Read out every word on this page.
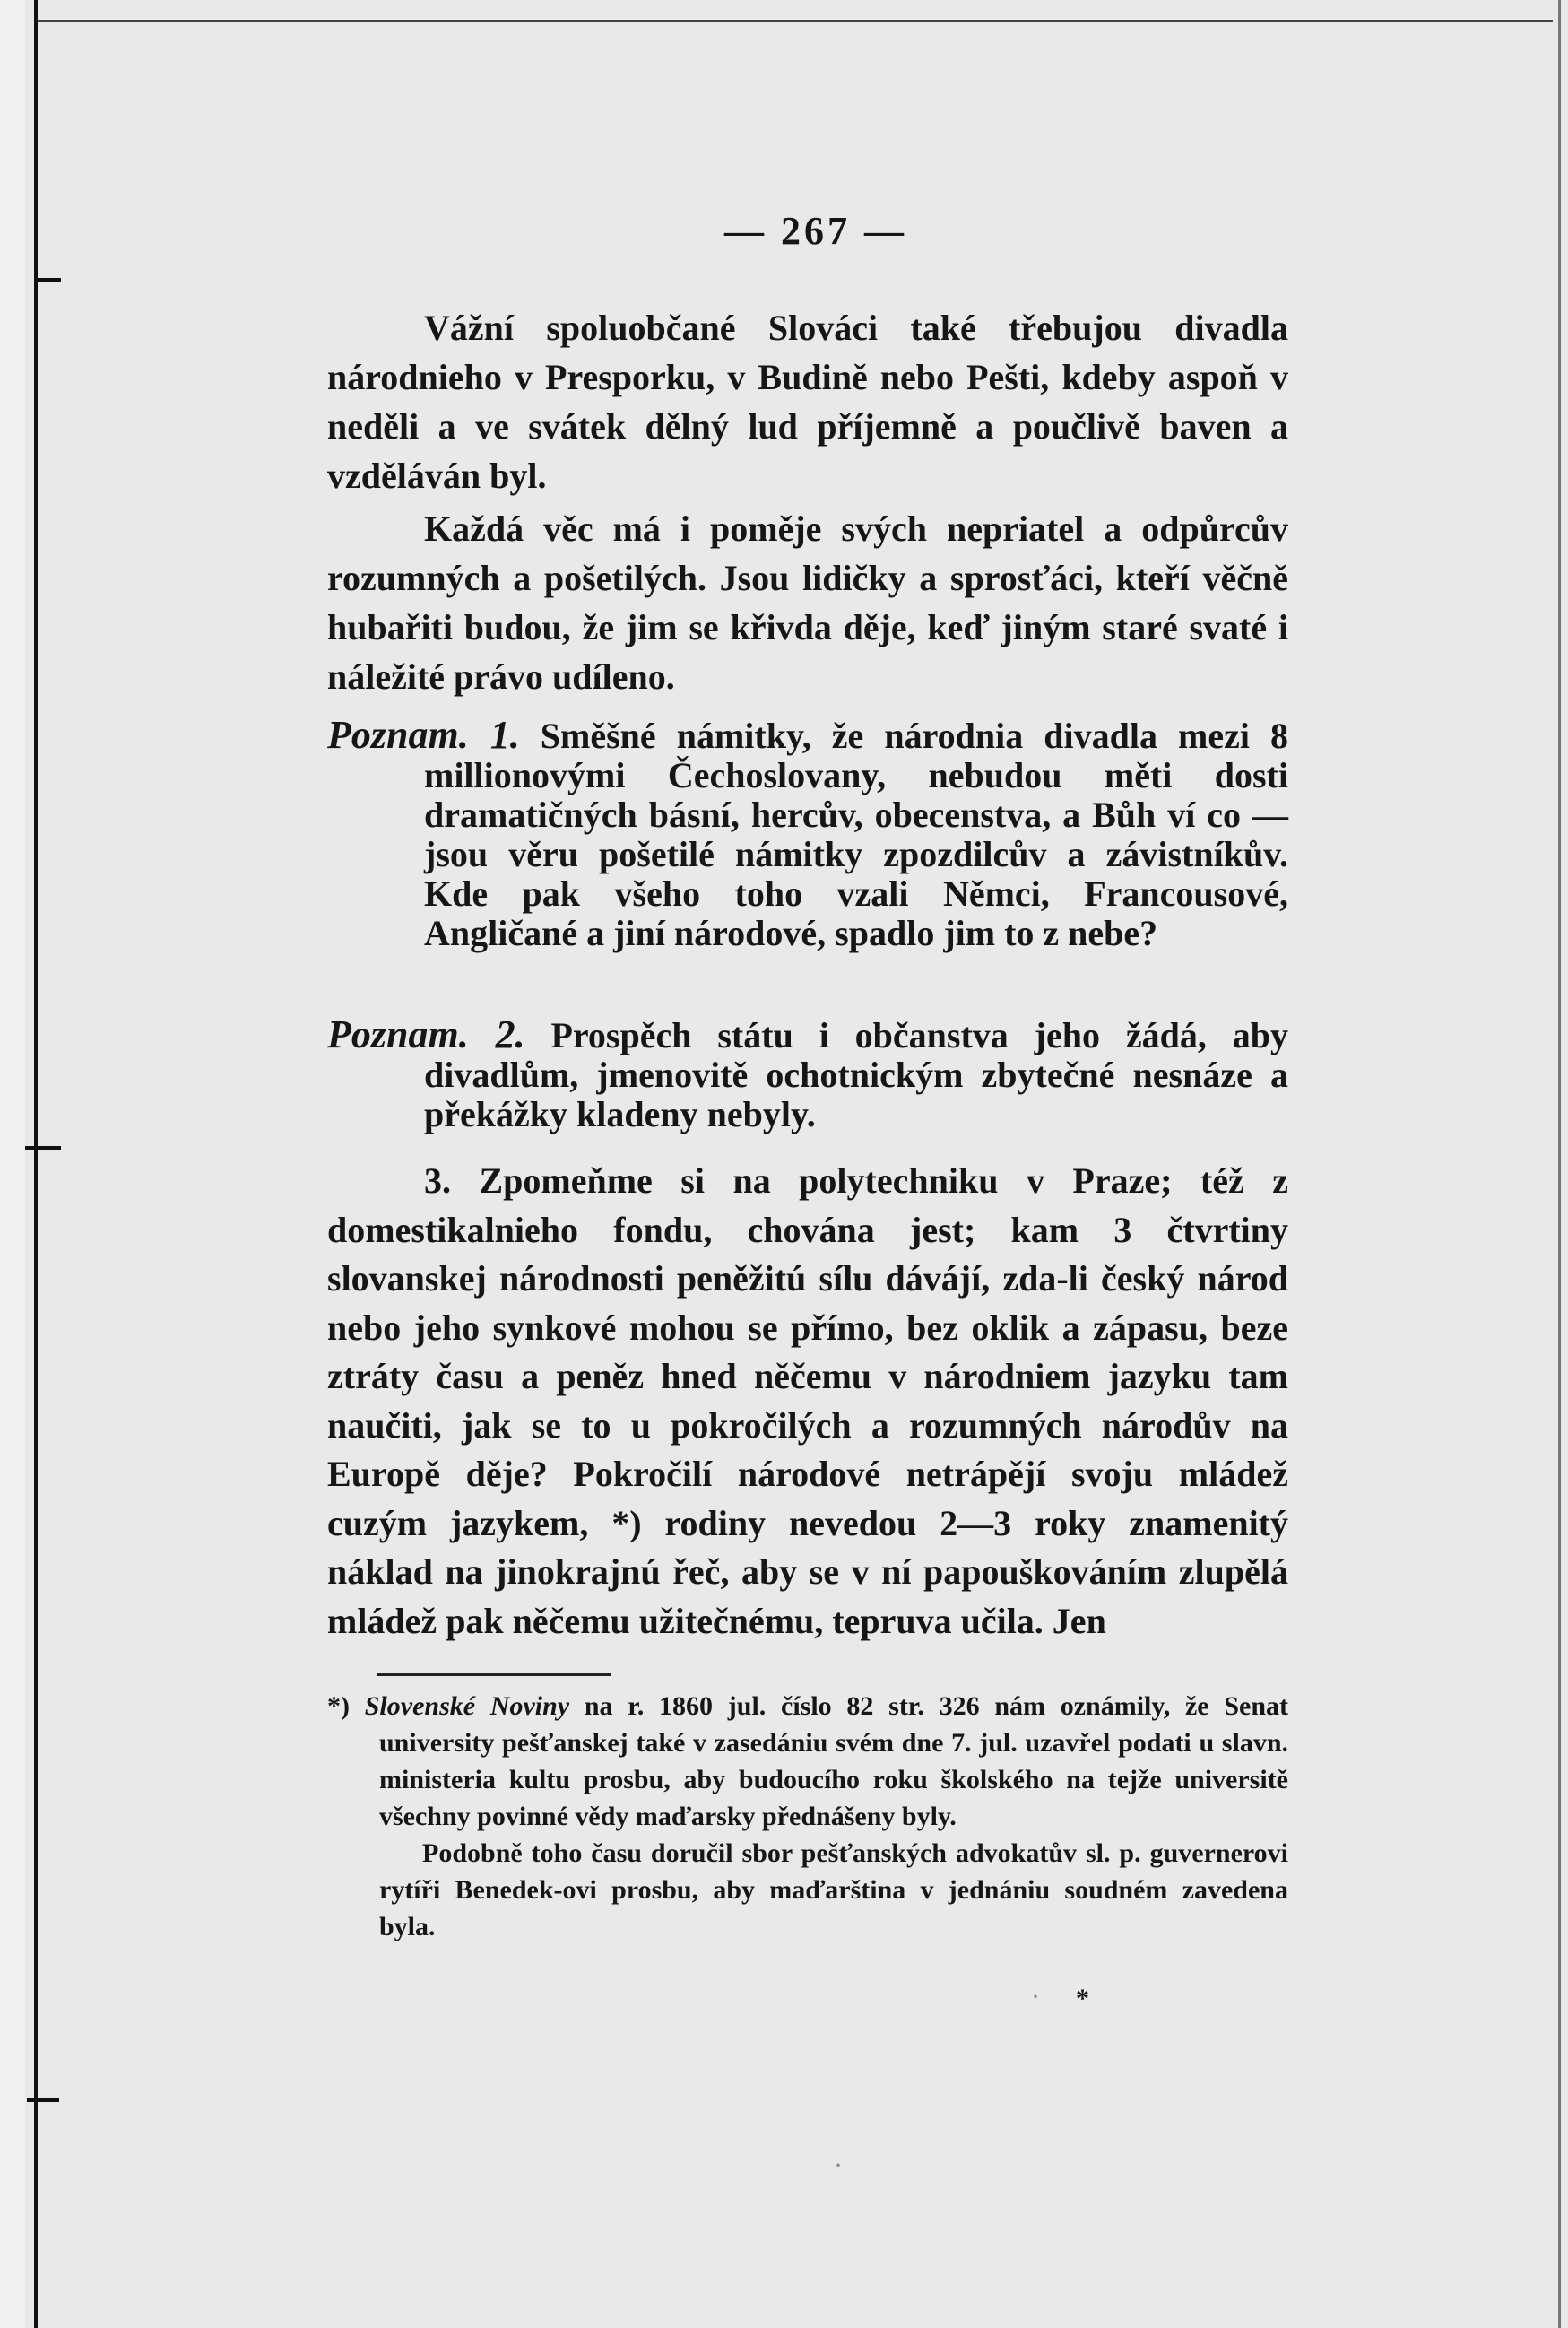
— 267 —

Vážní spoluobčané Slováci také třebujou divadla národnieho v Presporku, v Budině nebo Pešti, kdeby aspoň v neděli a ve svátek dělný lud příjemně a poučlivě baven a vzděláván byl.

Každá věc má i poměje svých nepriatel a odpůrcův rozumných a pošetilých. Jsou lidičky a sprosťáci, kteří věčně hubařiti budou, že jim se křivda děje, keď jiným staré svaté i náležité právo udíleno.

Poznam. 1. Směšné námitky, že národnia divadla mezi 8 millionovými Čechoslovany, nebudou měti dosti dramatičných básní, hercův, obecenstva, a Bůh ví co — jsou věru pošetilé námitky zpozdilcův a závistníkův. Kde pak všeho toho vzali Němci, Francousové, Angličané a jiní národové, spadlo jim to z nebe?
Poznam. 2. Prospěch státu i občanstva jeho žádá, aby divadlům, jmenovitě ochotnickým zbytečné nesnáze a překážky kladeny nebyly.

3. Zpomeňme si na polytechniku v Praze; též z domestikalnieho fondu, chována jest; kam 3 čtvrtiny slovanskej národnosti peněžitú sílu dávájí, zda-li český národ nebo jeho synkové mohou se přímo, bez oklik a zápasu, beze ztráty času a peněz hned něčemu v národniem jazyku tam naučiti, jak se to u pokročilých a rozumných národův na Europě děje? Pokročilí národové netrápějí svoju mládež cuzým jazykem, *) rodiny nevedou 2—3 roky znamenitý náklad na jinokrajnú řeč, aby se v ní papouškováním zlupělá mládež pak něčemu užitečnému, tepruva učila. Jen

*) Slovenské Noviny na r. 1860 jul. číslo 82 str. 326 nám oznámily, že Senat university pešťanskej také v zasedániu svém dne 7. jul. uzavřel podati u slavn. ministeria kultu prosbu, aby budoucího roku školského na tejže universitě všechny povinné vědy maďarsky přednášeny byly.

Podobně toho času doručil sbor pešťanských advokatův sl. p. guvernerovi rytíři Benedek-ovi prosbu, aby maďarština v jednániu soudném zavedena byla.

*
·
·
